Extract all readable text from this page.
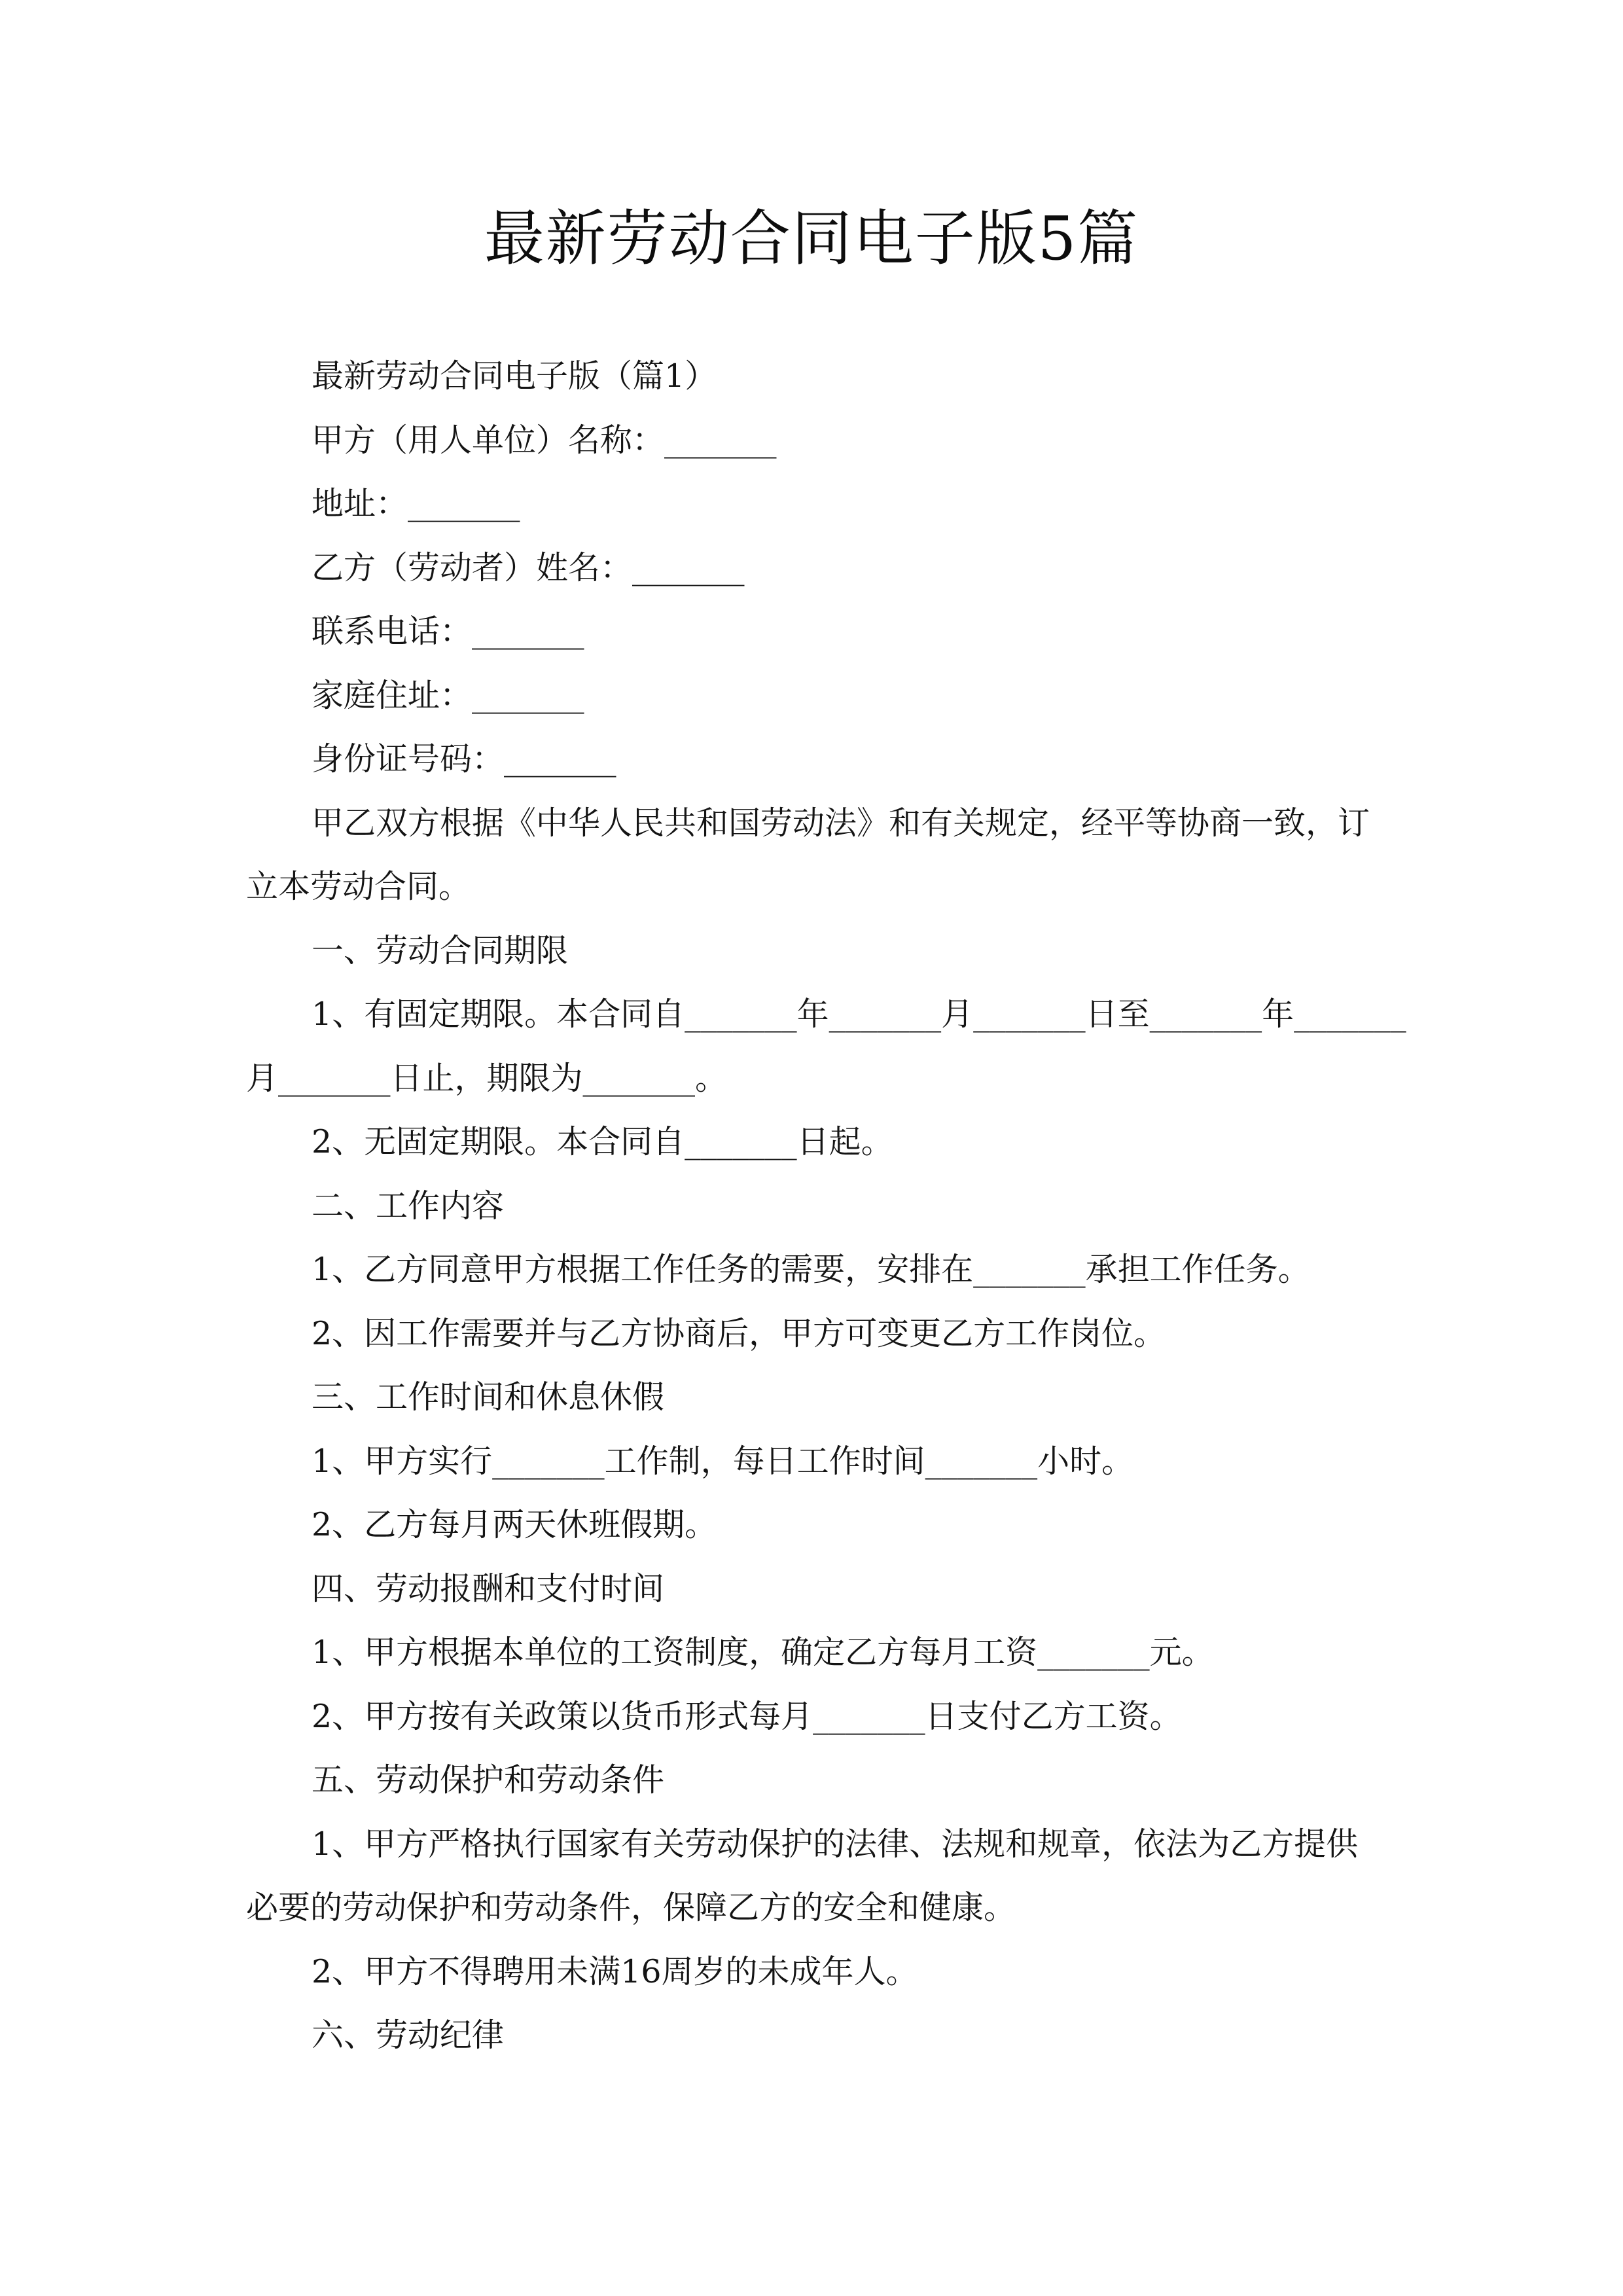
最新劳动合同电子版5篇

最新劳动合同电子版（篇1）

甲方（用人单位）名称：_______

地址：_______

乙方（劳动者）姓名：_______

联系电话：_______

家庭住址：_______

身份证号码：_______

甲乙双方根据《中华人民共和国劳动法》和有关规定，经平等协商一致，订

立本劳动合同。

一、劳动合同期限

1、有固定期限。本合同自_______年_______月_______日至_______年_______

月_______日止，期限为_______。

2、无固定期限。本合同自_______日起。

二、工作内容

1、乙方同意甲方根据工作任务的需要，安排在_______承担工作任务。

2、因工作需要并与乙方协商后，甲方可变更乙方工作岗位。

三、工作时间和休息休假

1、甲方实行_______工作制，每日工作时间_______小时。

2、乙方每月两天休班假期。

四、劳动报酬和支付时间

1、甲方根据本单位的工资制度，确定乙方每月工资_______元。

2、甲方按有关政策以货币形式每月_______日支付乙方工资。

五、劳动保护和劳动条件

1、甲方严格执行国家有关劳动保护的法律、法规和规章，依法为乙方提供

必要的劳动保护和劳动条件，保障乙方的安全和健康。

2、甲方不得聘用未满16周岁的未成年人。

六、劳动纪律
